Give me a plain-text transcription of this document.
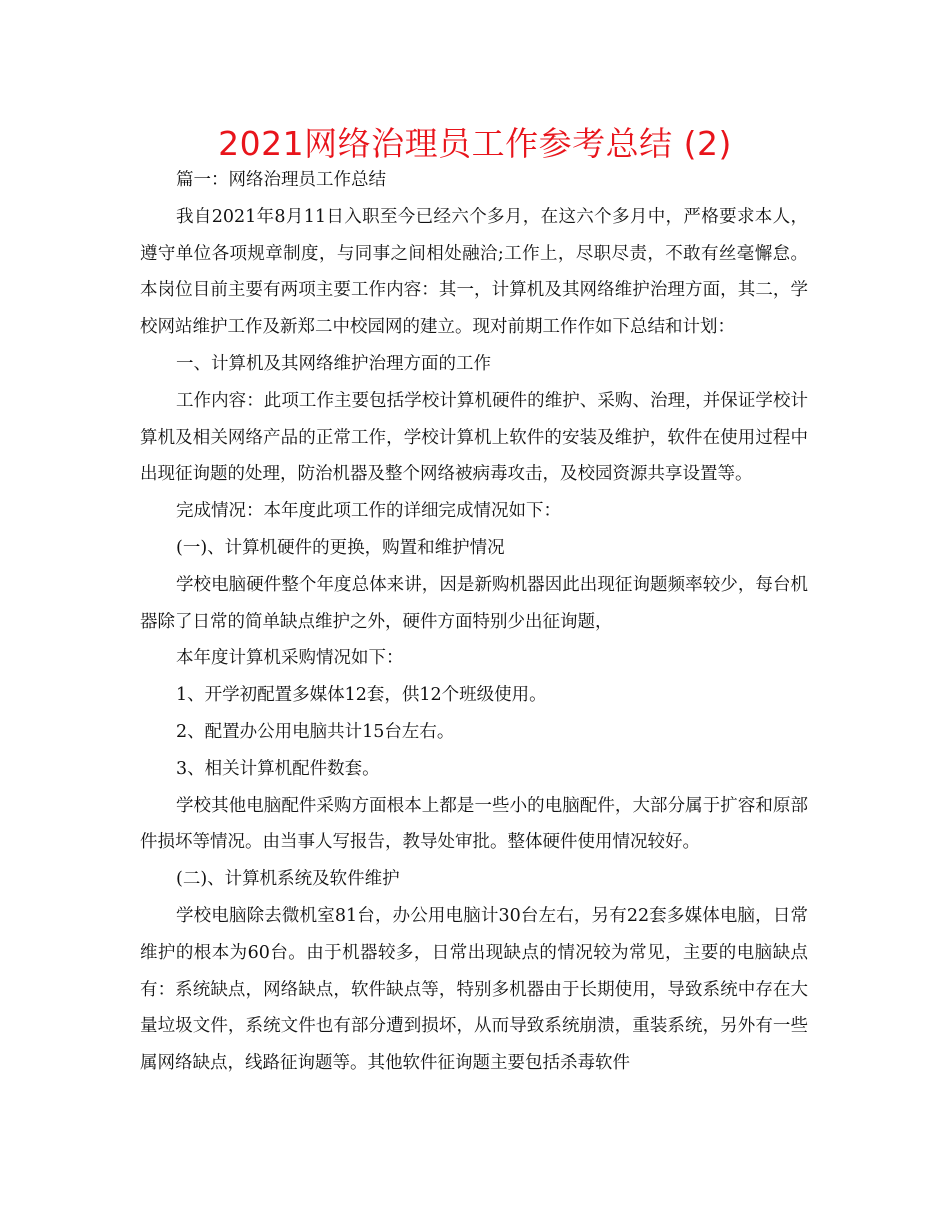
2021网络治理员工作参考总结 (2)

篇一：网络治理员工作总结

我自2021年8月11日入职至今已经六个多月，在这六个多月中，严格要求本人，遵守单位各项规章制度，与同事之间相处融洽;工作上，尽职尽责，不敢有丝毫懈怠。本岗位目前主要有两项主要工作内容：其一，计算机及其网络维护治理方面，其二，学校网站维护工作及新郑二中校园网的建立。现对前期工作作如下总结和计划：

一、计算机及其网络维护治理方面的工作

工作内容：此项工作主要包括学校计算机硬件的维护、采购、治理，并保证学校计算机及相关网络产品的正常工作，学校计算机上软件的安装及维护，软件在使用过程中出现征询题的处理，防治机器及整个网络被病毒攻击，及校园资源共享设置等。

完成情况：本年度此项工作的详细完成情况如下：

(一)、计算机硬件的更换，购置和维护情况

学校电脑硬件整个年度总体来讲，因是新购机器因此出现征询题频率较少，每台机器除了日常的简单缺点维护之外，硬件方面特别少出征询题，

本年度计算机采购情况如下：

1、开学初配置多媒体12套，供12个班级使用。

2、配置办公用电脑共计15台左右。

3、相关计算机配件数套。

学校其他电脑配件采购方面根本上都是一些小的电脑配件，大部分属于扩容和原部件损坏等情况。由当事人写报告，教导处审批。整体硬件使用情况较好。

(二)、计算机系统及软件维护

学校电脑除去微机室81台，办公用电脑计30台左右，另有22套多媒体电脑，日常维护的根本为60台。由于机器较多，日常出现缺点的情况较为常见，主要的电脑缺点有：系统缺点，网络缺点，软件缺点等，特别多机器由于长期使用，导致系统中存在大量垃圾文件，系统文件也有部分遭到损坏，从而导致系统崩溃，重装系统，另外有一些属网络缺点，线路征询题等。其他软件征询题主要包括杀毒软件
